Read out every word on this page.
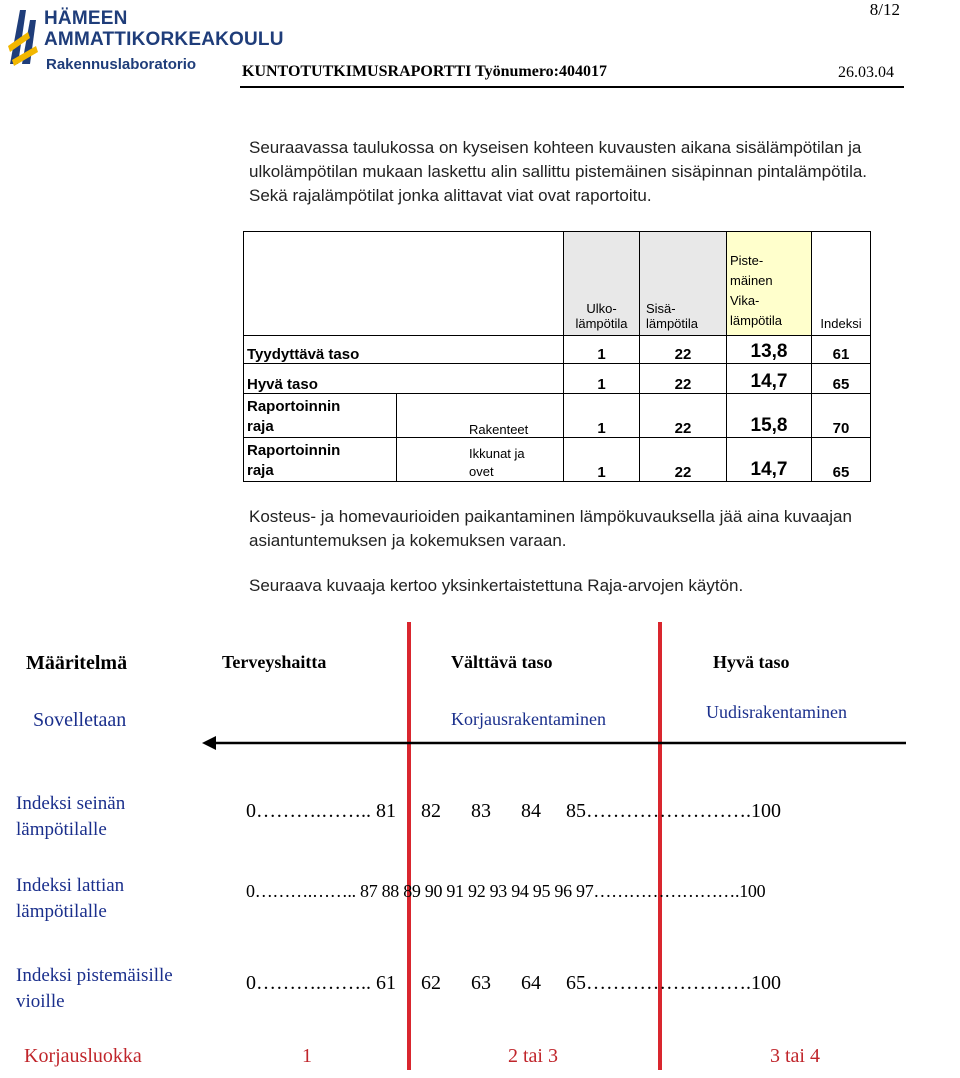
8/12
HÄMEEN
AMMATTIKORKEAKOULU
Rakennuslaboratorio	KUNTOTUTKIMUSRAPORTTI Työnumero:404017	26.03.04
Seuraavassa taulukossa on kyseisen kohteen kuvausten aikana sisälämpötilan ja ulkolämpötilan mukaan laskettu alin sallittu pistemäinen sisäpinnan pintalämpötila. Sekä rajalämpötilat jonka alittavat viat ovat raportoitu.
		Ulko-
lämpötila	Sisä-
lämpötila	Piste-
mäinen
Vika-
lämpötila	Indeksi
Tyydyttävä taso		1	22	13,8	61
Hyvä taso		1	22	14,7	65
Raportoinnin
raja	Rakenteet	1	22	15,8	70
Raportoinnin
raja	Ikkunat ja
ovet	1	22	14,7	65
Kosteus- ja homevaurioiden paikantaminen lämpökuvauksella jää aina kuvaajan asiantuntemuksen ja kokemuksen varaan.
Seuraava kuvaaja kertoo yksinkertaistettuna Raja-arvojen käytön.
Määritelmä	Terveyshaitta	Välttävä taso	Hyvä taso
Sovelletaan	Korjausrakentaminen	Uudisrakentaminen
Indeksi seinän
lämpötilalle
0……….…….. 81     82      83      84     85…………………….100
Indeksi lattian
lämpötilalle
0……….…….. 87 88 89 90 91 92 93 94 95 96 97…………………….100
Indeksi pistemäisille
vioille
0……….…….. 61     62      63      64     65…………………….100
Korjausluokka	1	2 tai 3	3 tai 4
